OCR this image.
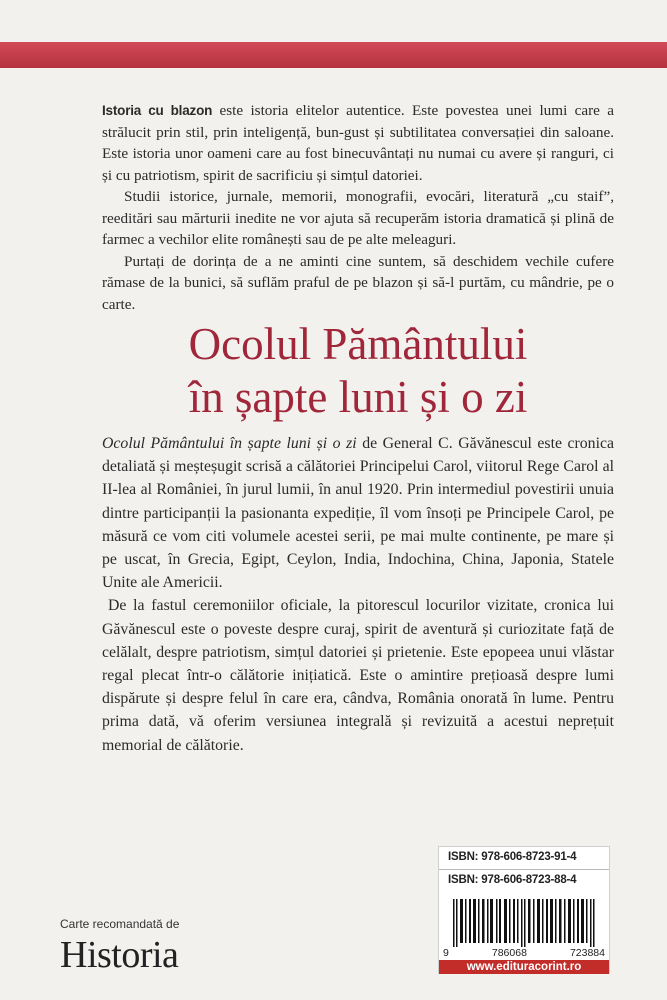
Istoria cu blazon este istoria elitelor autentice. Este povestea unei lumi care a strălucit prin stil, prin inteligență, bun-gust și subtilitatea conversației din saloane. Este istoria unor oameni care au fost binecuvântați nu numai cu avere și ranguri, ci și cu patriotism, spirit de sacrificiu și simțul datoriei.

Studii istorice, jurnale, memorii, monografii, evocări, literatură „cu staif”, reeditări sau mărturii inedite ne vor ajuta să recuperăm istoria dramatică și plină de farmec a vechilor elite românești sau de pe alte meleaguri.

Purtați de dorința de a ne aminti cine suntem, să deschidem vechile cufere rămase de la bunici, să suflăm praful de pe blazon și să-l purtăm, cu mândrie, pe o carte.

Ocolul Pământului
în șapte luni și o zi

Ocolul Pământului în șapte luni și o zi de General C. Găvănescul este cronica detaliată și meșteșugit scrisă a călătoriei Principelui Carol, viitorul Rege Carol al II-lea al României, în jurul lumii, în anul 1920. Prin intermediul povestirii unuia dintre participanții la pasionanta expediție, îl vom însoți pe Principele Carol, pe măsură ce vom citi volumele acestei serii, pe mai multe continente, pe mare și pe uscat, în Grecia, Egipt, Ceylon, India, Indochina, China, Japonia, Statele Unite ale Americii.

De la fastul ceremoniilor oficiale, la pitorescul locurilor vizitate, cronica lui Găvănescul este o poveste despre curaj, spirit de aventură și curiozitate față de celălalt, despre patriotism, simțul datoriei și prietenie. Este epopeea unui vlăstar regal plecat într-o călătorie inițiatică. Este o amintire prețioasă despre lumi dispărute și despre felul în care era, cândva, România onorată în lume. Pentru prima dată, vă oferim versiunea integrală și revizuită a acestui neprețuit memorial de călătorie.

Carte recomandată de
Historia
ISBN: 978-606-8723-91-4
ISBN: 978-606-8723-88-4
9	786068	723884
www.edituracorint.ro
